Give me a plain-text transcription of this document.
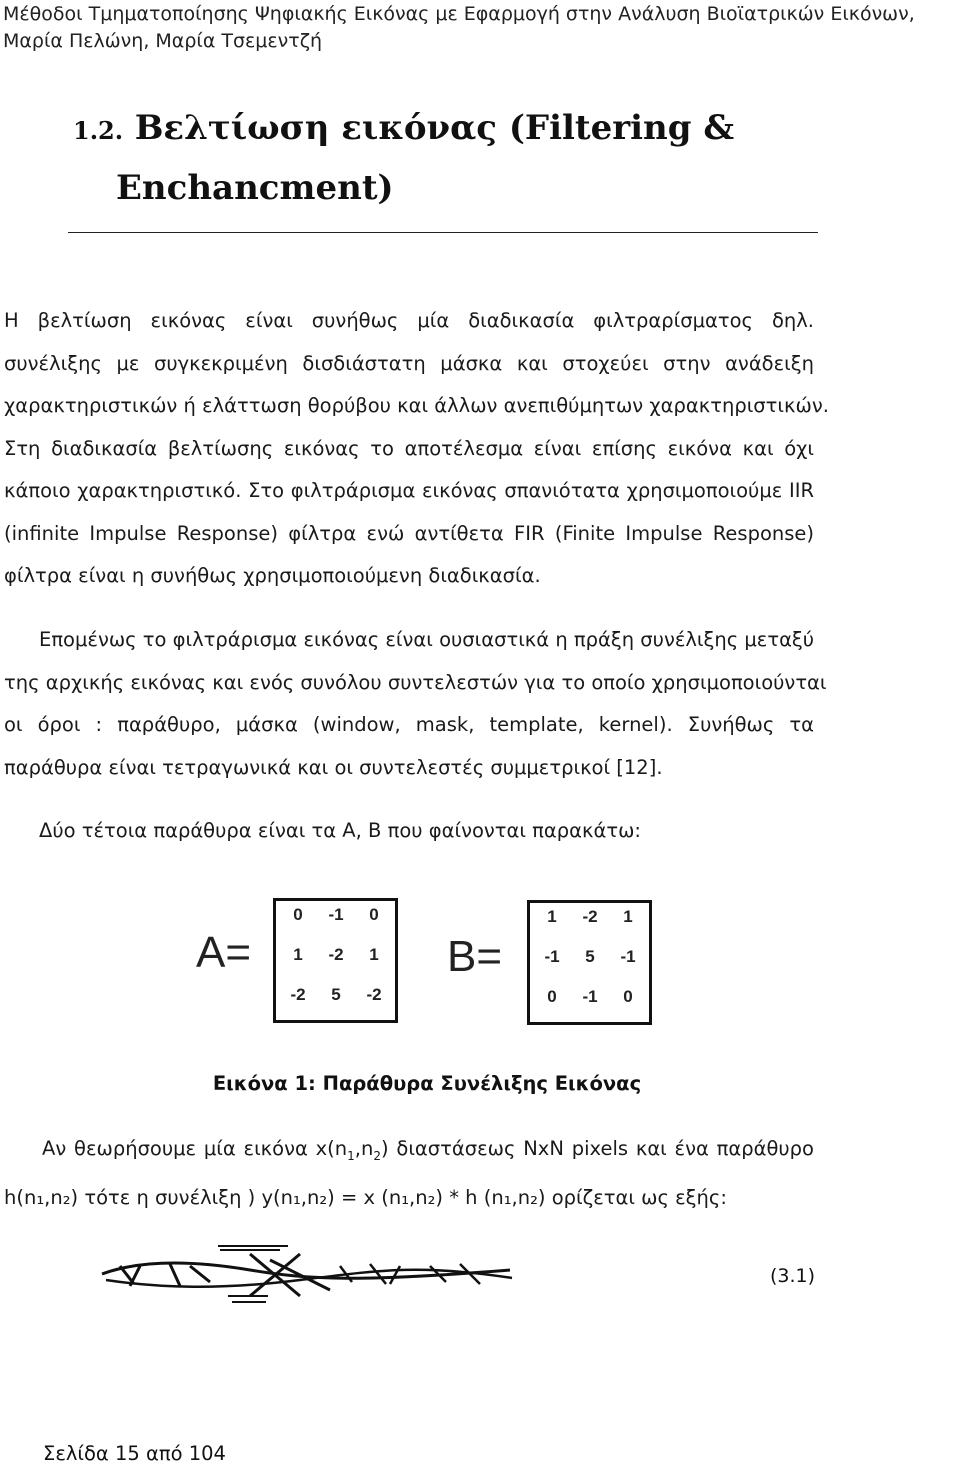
Μέθοδοι Τμηματοποίησης Ψηφιακής Εικόνας με Εφαρμογή στην Ανάλυση Βιοϊατρικών Εικόνων,
Μαρία Πελώνη, Μαρία Τσεμεντζή
1.2. Βελτίωση εικόνας (Filtering &
Enchancment)
Η βελτίωση εικόνας είναι συνήθως μία διαδικασία φιλτραρίσματος δηλ.
συνέλιξης με συγκεκριμένη δισδιάστατη μάσκα και στοχεύει στην ανάδειξη
χαρακτηριστικών ή ελάττωση θορύβου και άλλων ανεπιθύμητων χαρακτηριστικών.
Στη διαδικασία βελτίωσης εικόνας το αποτέλεσμα είναι επίσης εικόνα και όχι
κάποιο χαρακτηριστικό. Στο φιλτράρισμα εικόνας σπανιότατα χρησιμοποιούμε IIR
(infinite Impulse Response) φίλτρα ενώ αντίθετα FIR (Finite Impulse Response)
φίλτρα είναι η συνήθως χρησιμοποιούμενη διαδικασία.
Επομένως το φιλτράρισμα εικόνας είναι ουσιαστικά η πράξη συνέλιξης μεταξύ
της αρχικής εικόνας και ενός συνόλου συντελεστών για το οποίο χρησιμοποιούνται
οι όροι : παράθυρο, μάσκα (window, mask, template, kernel). Συνήθως τα
παράθυρα είναι τετραγωνικά και οι συντελεστές συμμετρικοί [12].
Δύο τέτοια παράθυρα είναι τα Α, Β που φαίνονται παρακάτω:
A=
0	-1	0
1	-2	1
-2	5	-2
B=
1	-2	1
-1	5	-1
0	-1	0
Εικόνα 1: Παράθυρα Συνέλιξης Εικόνας
Αν θεωρήσουμε μία εικόνα $x(n_1,n_2)$ διαστάσεως NxN pixels και ένα παράθυρο
h(n₁,n₂) τότε η συνέλιξη ) y(n₁,n₂) = x (n₁,n₂) * h (n₁,n₂) ορίζεται ως εξής:
(3.1)
Σελίδα 15 από 104
